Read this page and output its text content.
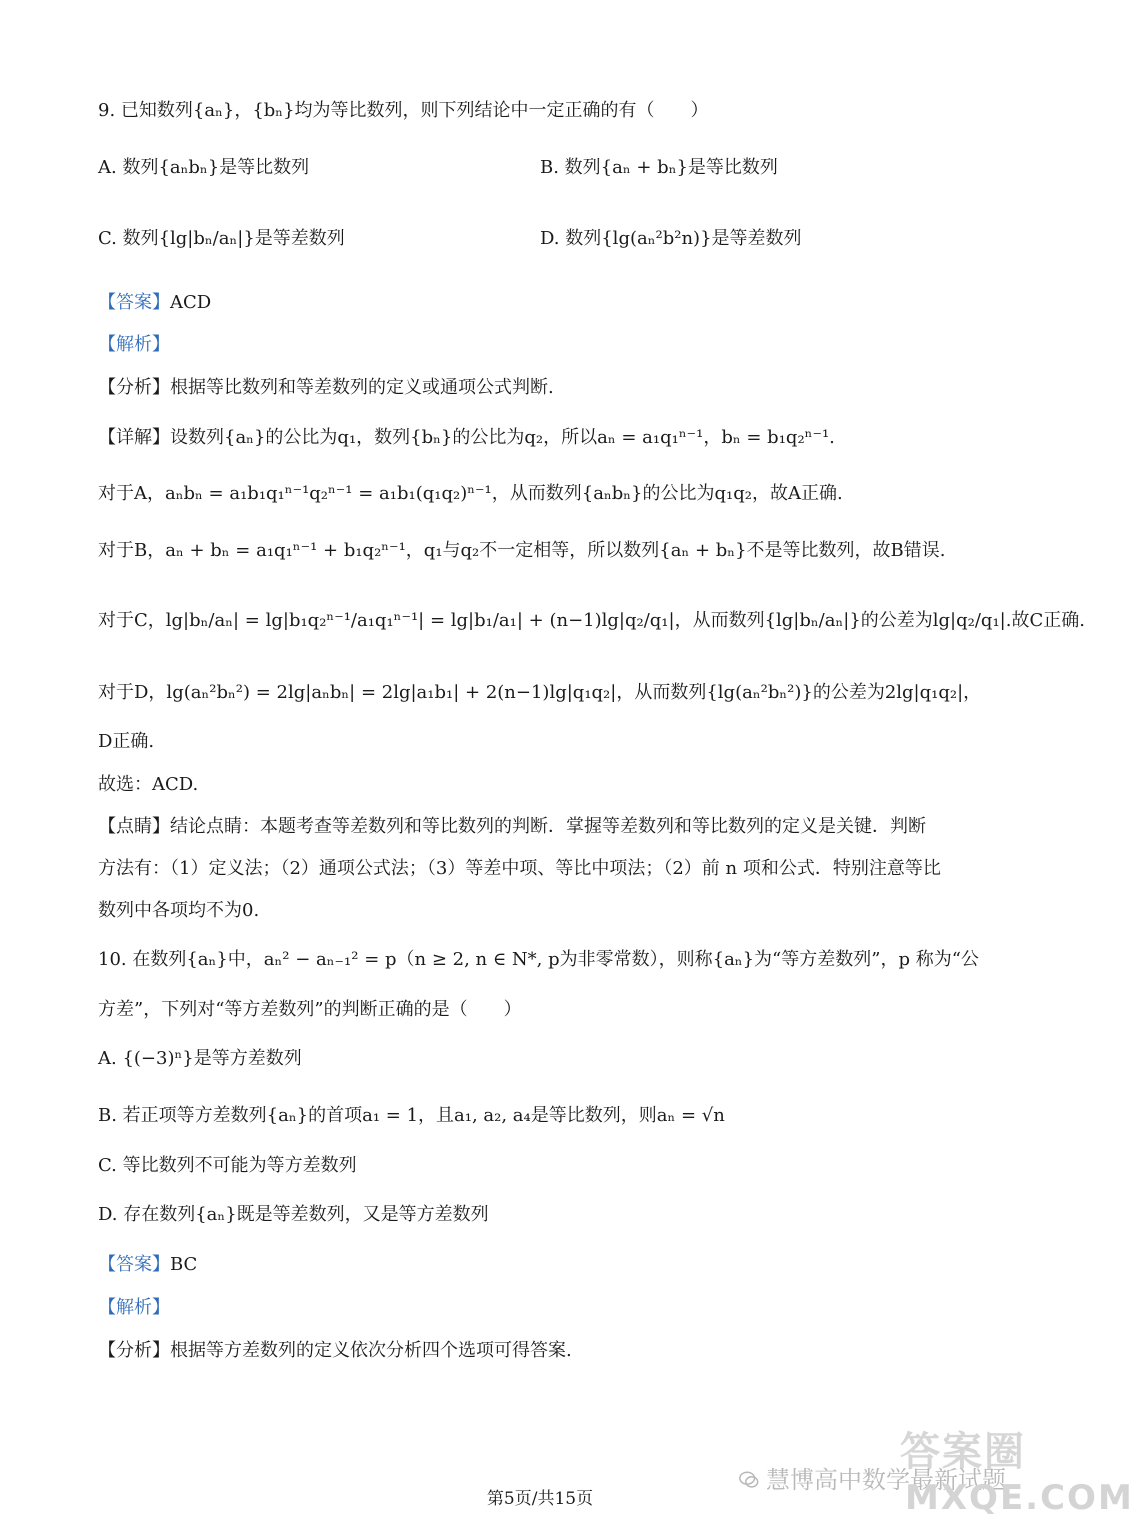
9. 已知数列{aₙ}，{bₙ}均为等比数列，则下列结论中一定正确的有（　　）
A. 数列{aₙbₙ}是等比数列	B. 数列{aₙ + bₙ}是等比数列
C. 数列{lg|bₙ/aₙ|}是等差数列	D. 数列{lg(aₙ²b²n)}是等差数列
【答案】ACD
【解析】
【分析】根据等比数列和等差数列的定义或通项公式判断.
【详解】设数列{aₙ}的公比为q₁，数列{bₙ}的公比为q₂，所以aₙ = a₁q₁ⁿ⁻¹，bₙ = b₁q₂ⁿ⁻¹.
对于A，aₙbₙ = a₁b₁q₁ⁿ⁻¹q₂ⁿ⁻¹ = a₁b₁(q₁q₂)ⁿ⁻¹，从而数列{aₙbₙ}的公比为q₁q₂，故A正确.
对于B，aₙ + bₙ = a₁q₁ⁿ⁻¹ + b₁q₂ⁿ⁻¹，q₁与q₂不一定相等，所以数列{aₙ + bₙ}不是等比数列，故B错误.
对于C，lg|bₙ/aₙ| = lg|b₁q₂ⁿ⁻¹/a₁q₁ⁿ⁻¹| = lg|b₁/a₁| + (n−1)lg|q₂/q₁|，从而数列{lg|bₙ/aₙ|}的公差为lg|q₂/q₁|.故C正确.
对于D，lg(aₙ²bₙ²) = 2lg|aₙbₙ| = 2lg|a₁b₁| + 2(n−1)lg|q₁q₂|，从而数列{lg(aₙ²bₙ²)}的公差为2lg|q₁q₂|，
D正确.
故选：ACD.
【点睛】结论点睛：本题考查等差数列和等比数列的判断．掌握等差数列和等比数列的定义是关键．判断
方法有：（1）定义法；（2）通项公式法；（3）等差中项、等比中项法；（2）前 n 项和公式．特别注意等比
数列中各项均不为0.
10. 在数列{aₙ}中，aₙ² − aₙ₋₁² = p（n ≥ 2, n ∈ N*, p为非零常数），则称{aₙ}为“等方差数列”，p 称为“公
方差”，下列对“等方差数列”的判断正确的是（　　）
A. {(−3)ⁿ}是等方差数列
B. 若正项等方差数列{aₙ}的首项a₁ = 1，且a₁, a₂, a₄是等比数列，则aₙ = √n
C. 等比数列不可能为等方差数列
D. 存在数列{aₙ}既是等差数列，又是等方差数列
【答案】BC
【解析】
【分析】根据等方差数列的定义依次分析四个选项可得答案.
答案圈
慧博高中数学最新试题
MXQE.COM
第5页/共15页
